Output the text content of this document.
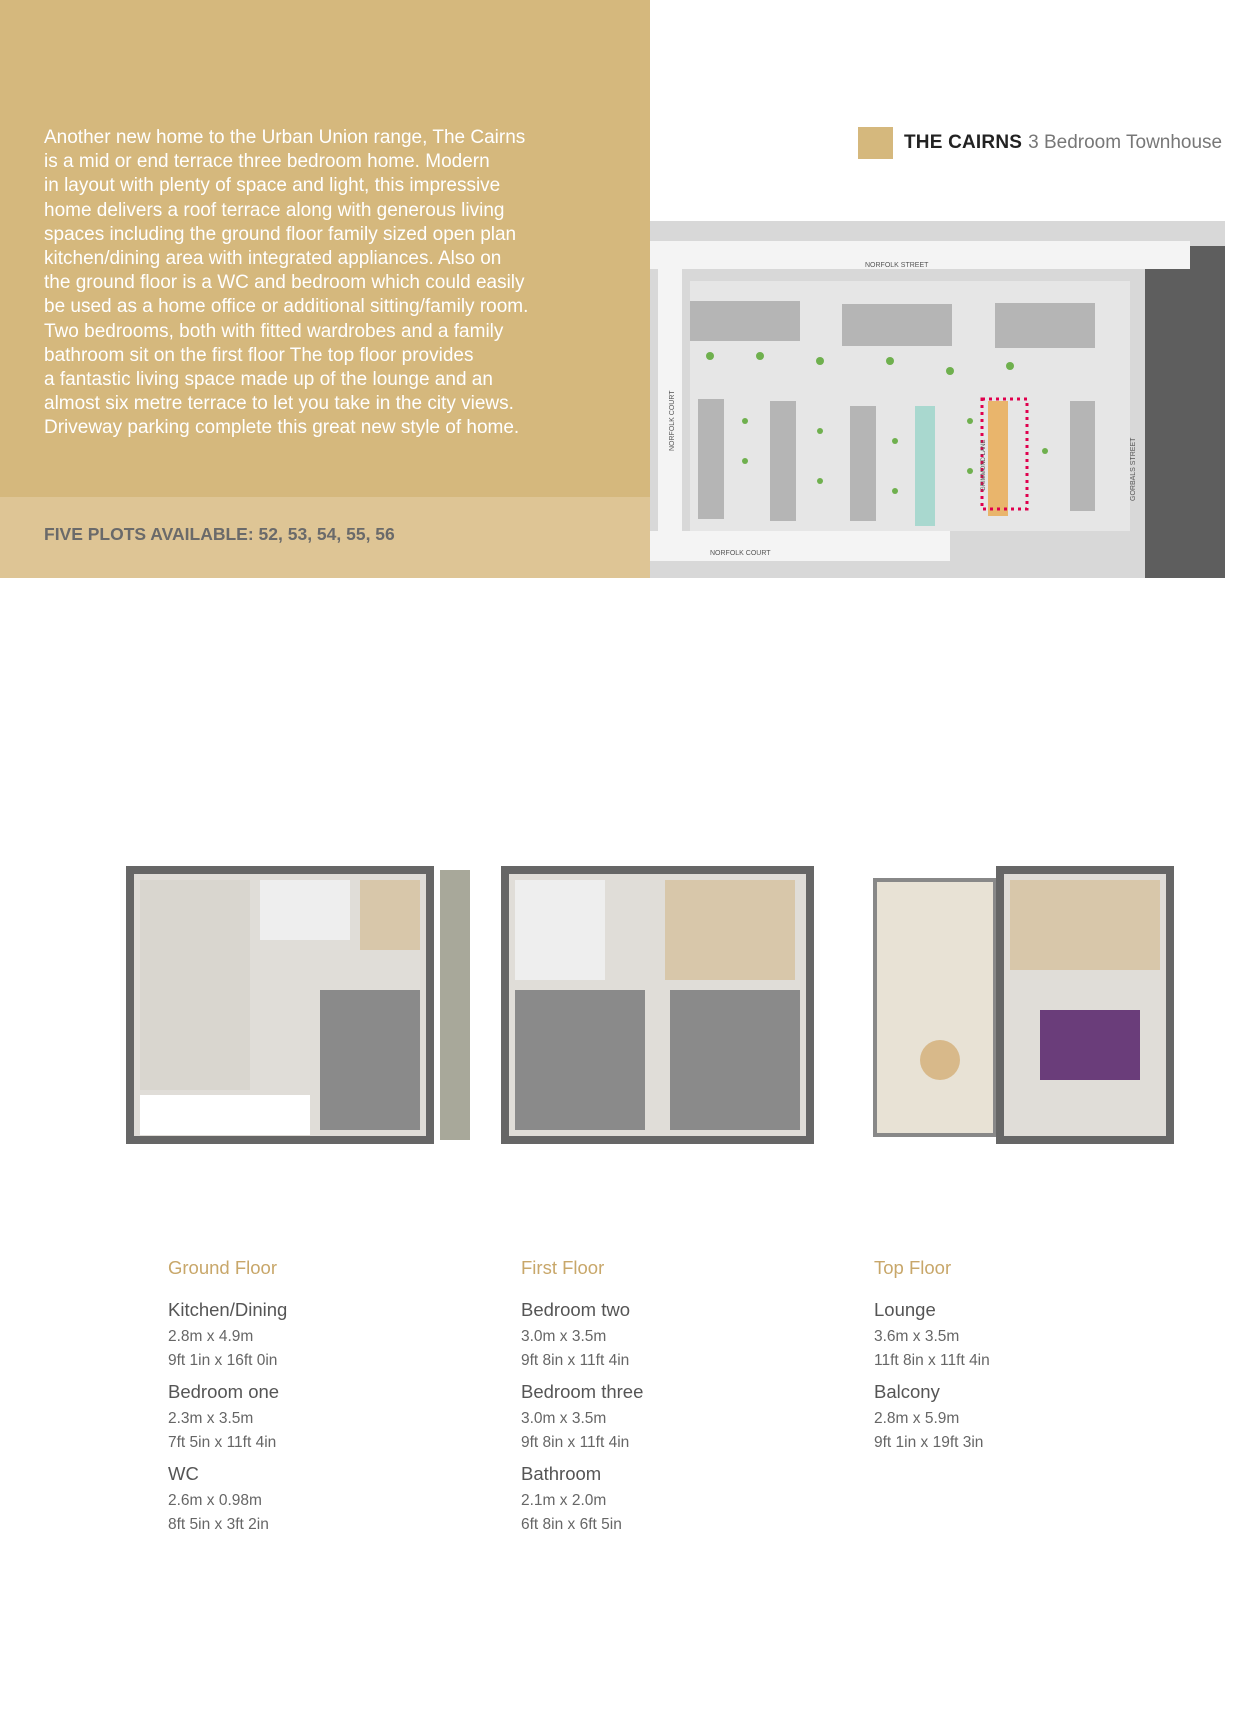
Another new home to the Urban Union range, The Cairns
is a mid or end terrace three bedroom home. Modern
in layout with plenty of space and light, this impressive
home delivers a roof terrace along with generous living
spaces including the ground floor family sized open plan
kitchen/dining area with integrated appliances. Also on
the ground floor is a WC and bedroom which could easily
be used as a home office or additional sitting/family room.
Two bedrooms, both with fitted wardrobes and a family
bathroom sit on the first floor The top floor provides
a fantastic living space made up of the lounge and an
almost six metre terrace to let you take in the city views.
Driveway parking complete this great new style of home.

FIVE PLOTS AVAILABLE: 52, 53, 54, 55, 56
THE CAIRNS 3 Bedroom Townhouse
NORFOLK STREET
NORFOLK COURT
NORFOLK COURT
GORBALS STREET
GRIMMOND LANE

Ground Floor

Kitchen/Dining

2.8m x 4.9m

9ft 1in x 16ft 0in

Bedroom one

2.3m x 3.5m

7ft 5in x 11ft 4in

WC

2.6m x 0.98m

8ft 5in x 3ft 2in

First Floor

Bedroom two

3.0m x 3.5m

9ft 8in x 11ft 4in

Bedroom three

3.0m x 3.5m

9ft 8in x 11ft 4in

Bathroom

2.1m x 2.0m

6ft 8in x 6ft 5in

Top Floor

Lounge

3.6m x 3.5m

11ft 8in x 11ft 4in

Balcony

2.8m x 5.9m

9ft 1in x 19ft 3in
